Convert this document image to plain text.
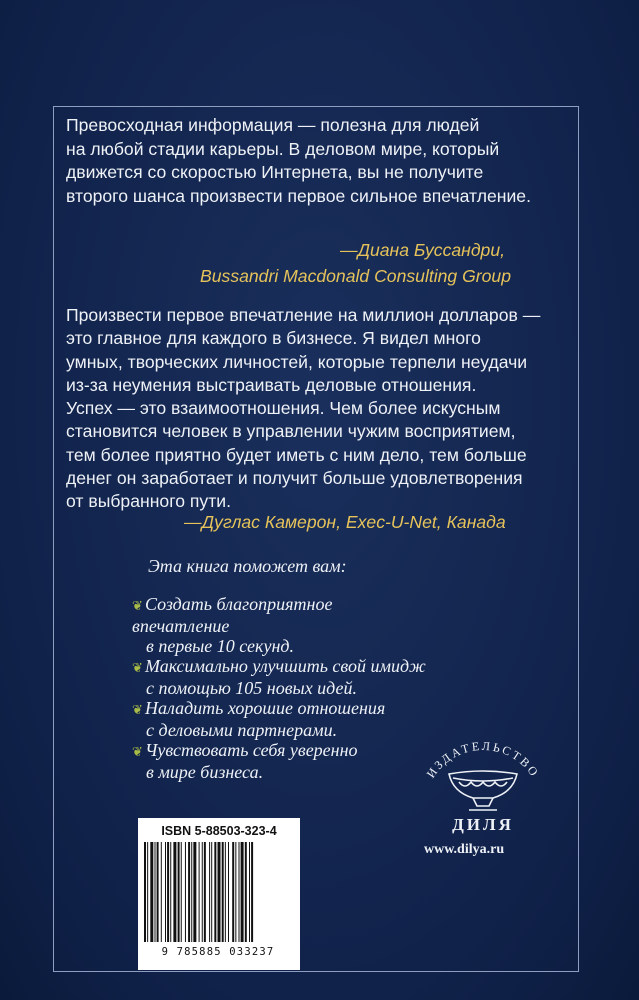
Превосходная информация — полезна для людей
на любой стадии карьеры. В деловом мире, который
движется со скоростью Интернета, вы не получите
второго шанса произвести первое сильное впечатление.
—Диана Буссандри,
Bussandri Macdonald Consulting Group
Произвести первое впечатление на миллион долларов —
это главное для каждого в бизнесе. Я видел много
умных, творческих личностей, которые терпели неудачи
из-за неумения выстраивать деловые отношения.
Успех — это взаимоотношения. Чем более искусным
становится человек в управлении чужим восприятием,
тем более приятно будет иметь с ним дело, тем больше
денег он заработает и получит больше удовлетворения
от выбранного пути.
—Дуглас Камерон, Exec-U-Net, Канада
Эта книга поможет вам:
❦ Создать благоприятное впечатление
в первые 10 секунд.
❦ Максимально улучшить свой имидж
с помощью 105 новых идей.
❦ Наладить хорошие отношения
с деловыми партнерами.
❦ Чувствовать себя уверенно
в мире бизнеса.
ISBN 5-88503-323-4
9 785885 033237
ИЗДАТЕЛЬСТВО
ДИЛЯ
www.dilya.ru
